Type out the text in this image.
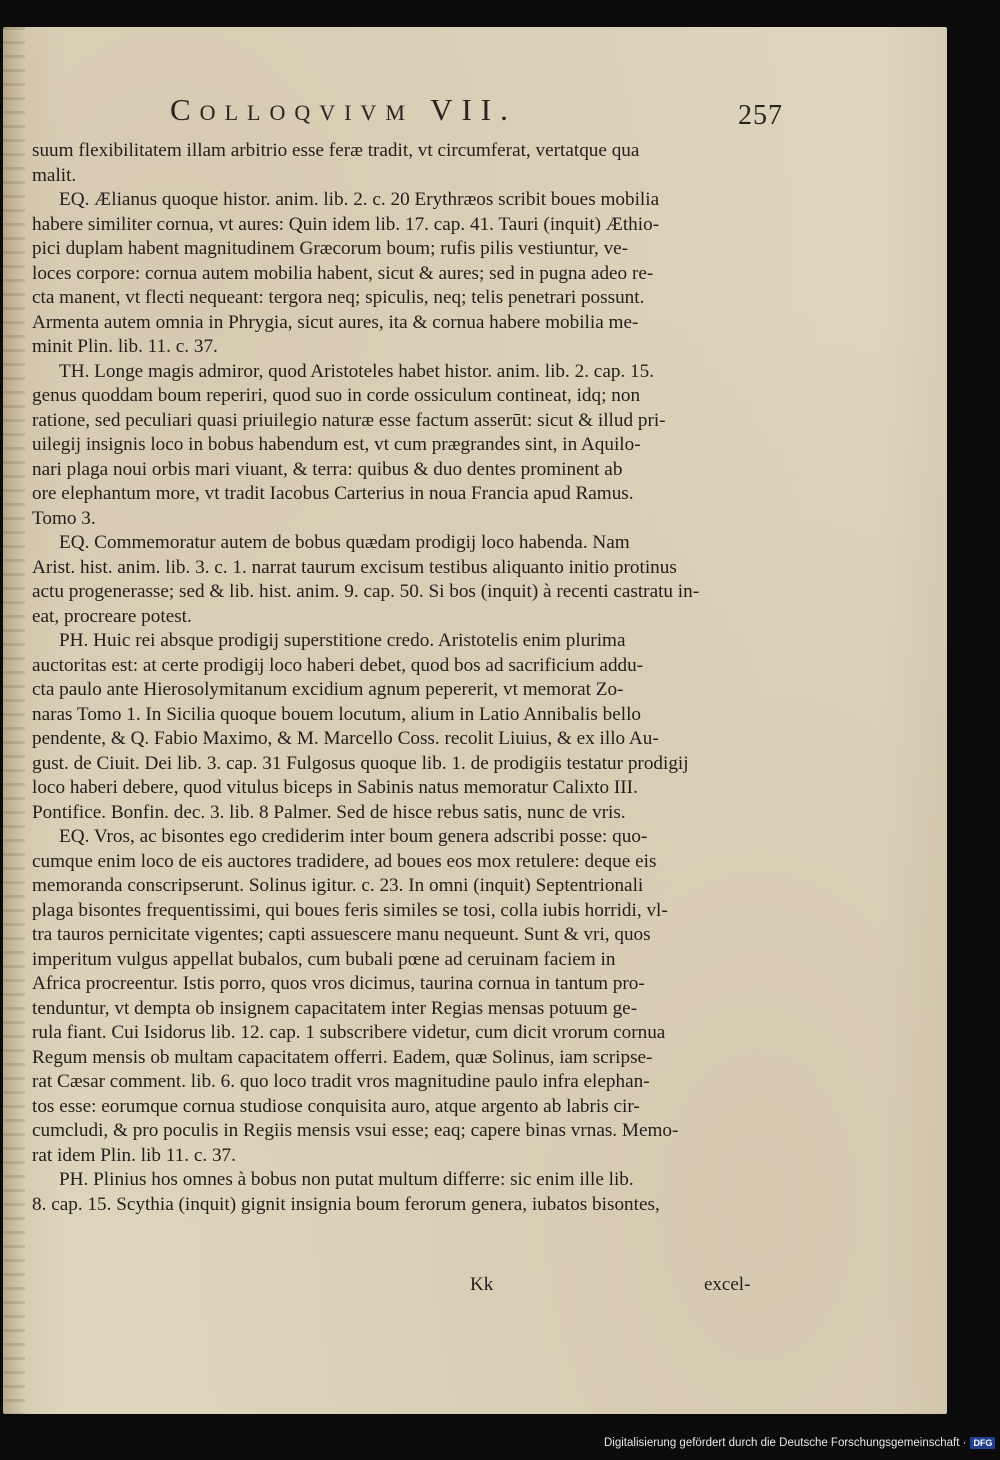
Colloqvivm VII.	257
suum flexibilitatem illam arbitrio esse feræ tradit, vt circumferat, vertatque qua
malit.
EQ. Ælianus quoque histor. anim. lib. 2. c. 20 Erythræos scribit boues mobilia
habere similiter cornua, vt aures: Quin idem lib. 17. cap. 41. Tauri (inquit) Æthio-
pici duplam habent magnitudinem Græcorum boum; rufis pilis vestiuntur, ve-
loces corpore: cornua autem mobilia habent, sicut & aures; sed in pugna adeo re-
cta manent, vt flecti nequeant: tergora neq; spiculis, neq; telis penetrari possunt.
Armenta autem omnia in Phrygia, sicut aures, ita & cornua habere mobilia me-
minit Plin. lib. 11. c. 37.
TH. Longe magis admiror, quod Aristoteles habet histor. anim. lib. 2. cap. 15.
genus quoddam boum reperiri, quod suo in corde ossiculum contineat, idq; non
ratione, sed peculiari quasi priuilegio naturæ esse factum asserūt: sicut & illud pri-
uilegij insignis loco in bobus habendum est, vt cum prægrandes sint, in Aquilo-
nari plaga noui orbis mari viuant, & terra: quibus & duo dentes prominent ab
ore elephantum more, vt tradit Iacobus Carterius in noua Francia apud Ramus.
Tomo 3.
EQ. Commemoratur autem de bobus quædam prodigij loco habenda. Nam
Arist. hist. anim. lib. 3. c. 1. narrat taurum excisum testibus aliquanto initio protinus
actu progenerasse; sed & lib. hist. anim. 9. cap. 50. Si bos (inquit) à recenti castratu in-
eat, procreare potest.
PH. Huic rei absque prodigij superstitione credo. Aristotelis enim plurima
auctoritas est: at certe prodigij loco haberi debet, quod bos ad sacrificium addu-
cta paulo ante Hierosolymitanum excidium agnum pepererit, vt memorat Zo-
naras Tomo 1. In Sicilia quoque bouem locutum, alium in Latio Annibalis bello
pendente, & Q. Fabio Maximo, & M. Marcello Coss. recolit Liuius, & ex illo Au-
gust. de Ciuit. Dei lib. 3. cap. 31 Fulgosus quoque lib. 1. de prodigiis testatur prodigij
loco haberi debere, quod vitulus biceps in Sabinis natus memoratur Calixto III.
Pontifice. Bonfin. dec. 3. lib. 8 Palmer. Sed de hisce rebus satis, nunc de vris.
EQ. Vros, ac bisontes ego crediderim inter boum genera adscribi posse: quo-
cumque enim loco de eis auctores tradidere, ad boues eos mox retulere: deque eis
memoranda conscripserunt. Solinus igitur. c. 23. In omni (inquit) Septentrionali
plaga bisontes frequentissimi, qui boues feris similes se tosi, colla iubis horridi, vl-
tra tauros pernicitate vigentes; capti assuescere manu nequeunt. Sunt & vri, quos
imperitum vulgus appellat bubalos, cum bubali pœne ad ceruinam faciem in
Africa procreentur. Istis porro, quos vros dicimus, taurina cornua in tantum pro-
tenduntur, vt dempta ob insignem capacitatem inter Regias mensas potuum ge-
rula fiant. Cui Isidorus lib. 12. cap. 1 subscribere videtur, cum dicit vrorum cornua
Regum mensis ob multam capacitatem offerri. Eadem, quæ Solinus, iam scripse-
rat Cæsar comment. lib. 6. quo loco tradit vros magnitudine paulo infra elephan-
tos esse: eorumque cornua studiose conquisita auro, atque argento ab labris cir-
cumcludi, & pro poculis in Regiis mensis vsui esse; eaq; capere binas vrnas. Memo-
rat idem Plin. lib 11. c. 37.
PH. Plinius hos omnes à bobus non putat multum differre: sic enim ille lib.
8. cap. 15. Scythia (inquit) gignit insignia boum ferorum genera, iubatos bisontes,
Kk	excel-
Digitalisierung gefördert durch die Deutsche Forschungsgemeinschaft · DFG
